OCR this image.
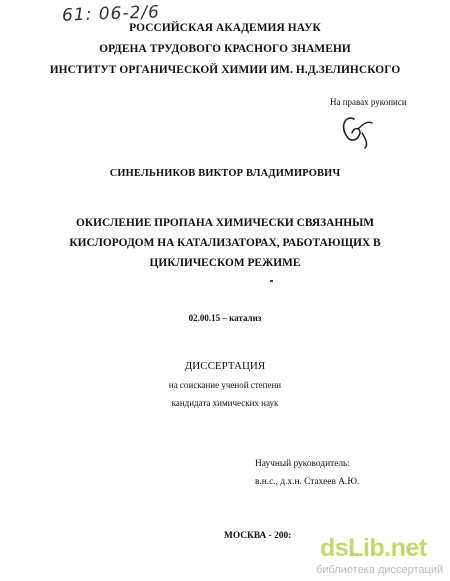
61: 06-2/6
РОССИЙСКАЯ АКАДЕМИЯ НАУК
ОРДЕНА ТРУДОВОГО КРАСНОГО ЗНАМЕНИ
ИНСТИТУТ ОРГАНИЧЕСКОЙ ХИМИИ ИМ. Н.Д.ЗЕЛИНСКОГО
На правах рукописи
СИНЕЛЬНИКОВ ВИКТОР ВЛАДИМИРОВИЧ
ОКИСЛЕНИЕ ПРОПАНА ХИМИЧЕСКИ СВЯЗАННЫМ
КИСЛОРОДОМ НА КАТАЛИЗАТОРАХ, РАБОТАЮЩИХ В
ЦИКЛИЧЕСКОМ РЕЖИМЕ
02.00.15 – катализ
ДИССЕРТАЦИЯ
на соискание ученой степени
кандидата химических наук
Научный руководитель:
в.н.с., д.х.н. Стахеев А.Ю.
МОСКВА - 200: dsLib.net
библиотека диссертаций
